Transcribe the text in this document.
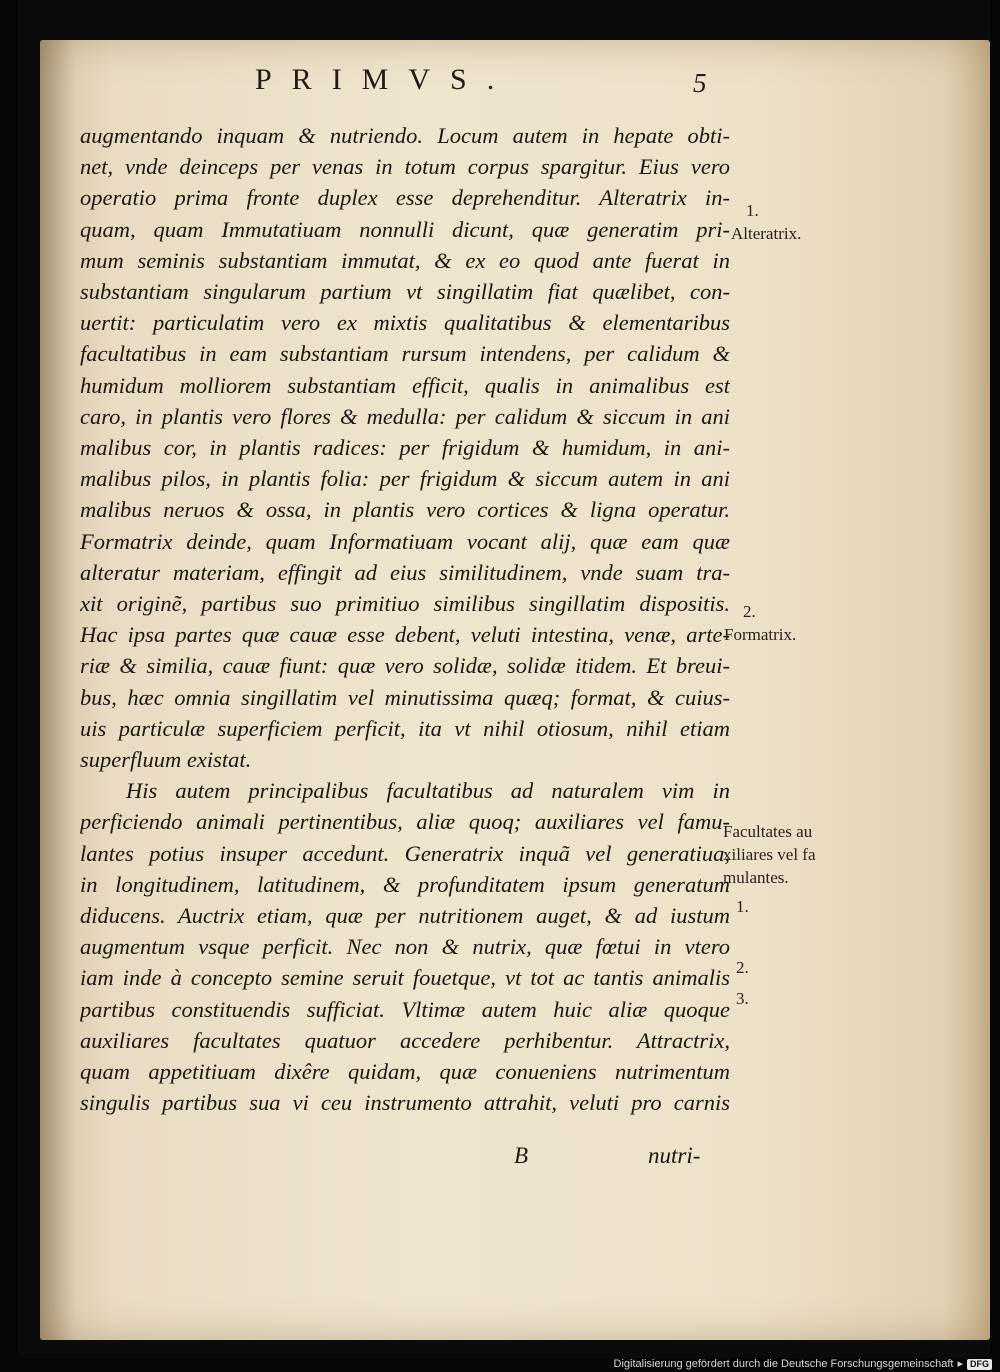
PRIMVS.	5
augmentando inquam & nutriendo. Locum autem in hepate obti-
net, vnde deinceps per venas in totum corpus spargitur. Eius vero
operatio prima fronte duplex esse deprehenditur. Alteratrix in-
quam, quam Immutatiuam nonnulli dicunt, quæ generatim pri-
mum seminis substantiam immutat, & ex eo quod ante fuerat in
substantiam singularum partium vt singillatim fiat quælibet, con-
uertit: particulatim vero ex mixtis qualitatibus & elementaribus
facultatibus in eam substantiam rursum intendens, per calidum &
humidum molliorem substantiam efficit, qualis in animalibus est
caro, in plantis vero flores & medulla: per calidum & siccum in ani
malibus cor, in plantis radices: per frigidum & humidum, in ani-
malibus pilos, in plantis folia: per frigidum & siccum autem in ani
malibus neruos & ossa, in plantis vero cortices & ligna operatur.
Formatrix deinde, quam Informatiuam vocant alij, quæ eam quæ
alteratur materiam, effingit ad eius similitudinem, vnde suam tra-
xit originẽ, partibus suo primitiuo similibus singillatim dispositis.
Hac ipsa partes quæ cauæ esse debent, veluti intestina, venæ, arte-
riæ & similia, cauæ fiunt: quæ vero solidæ, solidæ itidem. Et breui-
bus, hæc omnia singillatim vel minutissima quæq; format, & cuius-
uis particulæ superficiem perficit, ita vt nihil otiosum, nihil etiam
superfluum existat.
His autem principalibus facultatibus ad naturalem vim in
perficiendo animali pertinentibus, aliæ quoq; auxiliares vel famu-
lantes potius insuper accedunt. Generatrix inquã vel generatiua,
in longitudinem, latitudinem, & profunditatem ipsum generatum
diducens. Auctrix etiam, quæ per nutritionem auget, & ad iustum
augmentum vsque perficit. Nec non & nutrix, quæ fœtui in vtero
iam inde à concepto semine seruit fouetque, vt tot ac tantis animalis
partibus constituendis sufficiat. Vltimæ autem huic aliæ quoque
auxiliares facultates quatuor accedere perhibentur. Attractrix,
quam appetitiuam dixêre quidam, quæ conueniens nutrimentum
singulis partibus sua vi ceu instrumento attrahit, veluti pro carnis
1.
Alteratrix.
2.
Formatrix.
Facultates au
xiliares vel fa
mulantes.
1.
2.
3.
B	nutri-
Digitalisierung gefördert durch die Deutsche Forschungsgemeinschaft ▸ DFG
